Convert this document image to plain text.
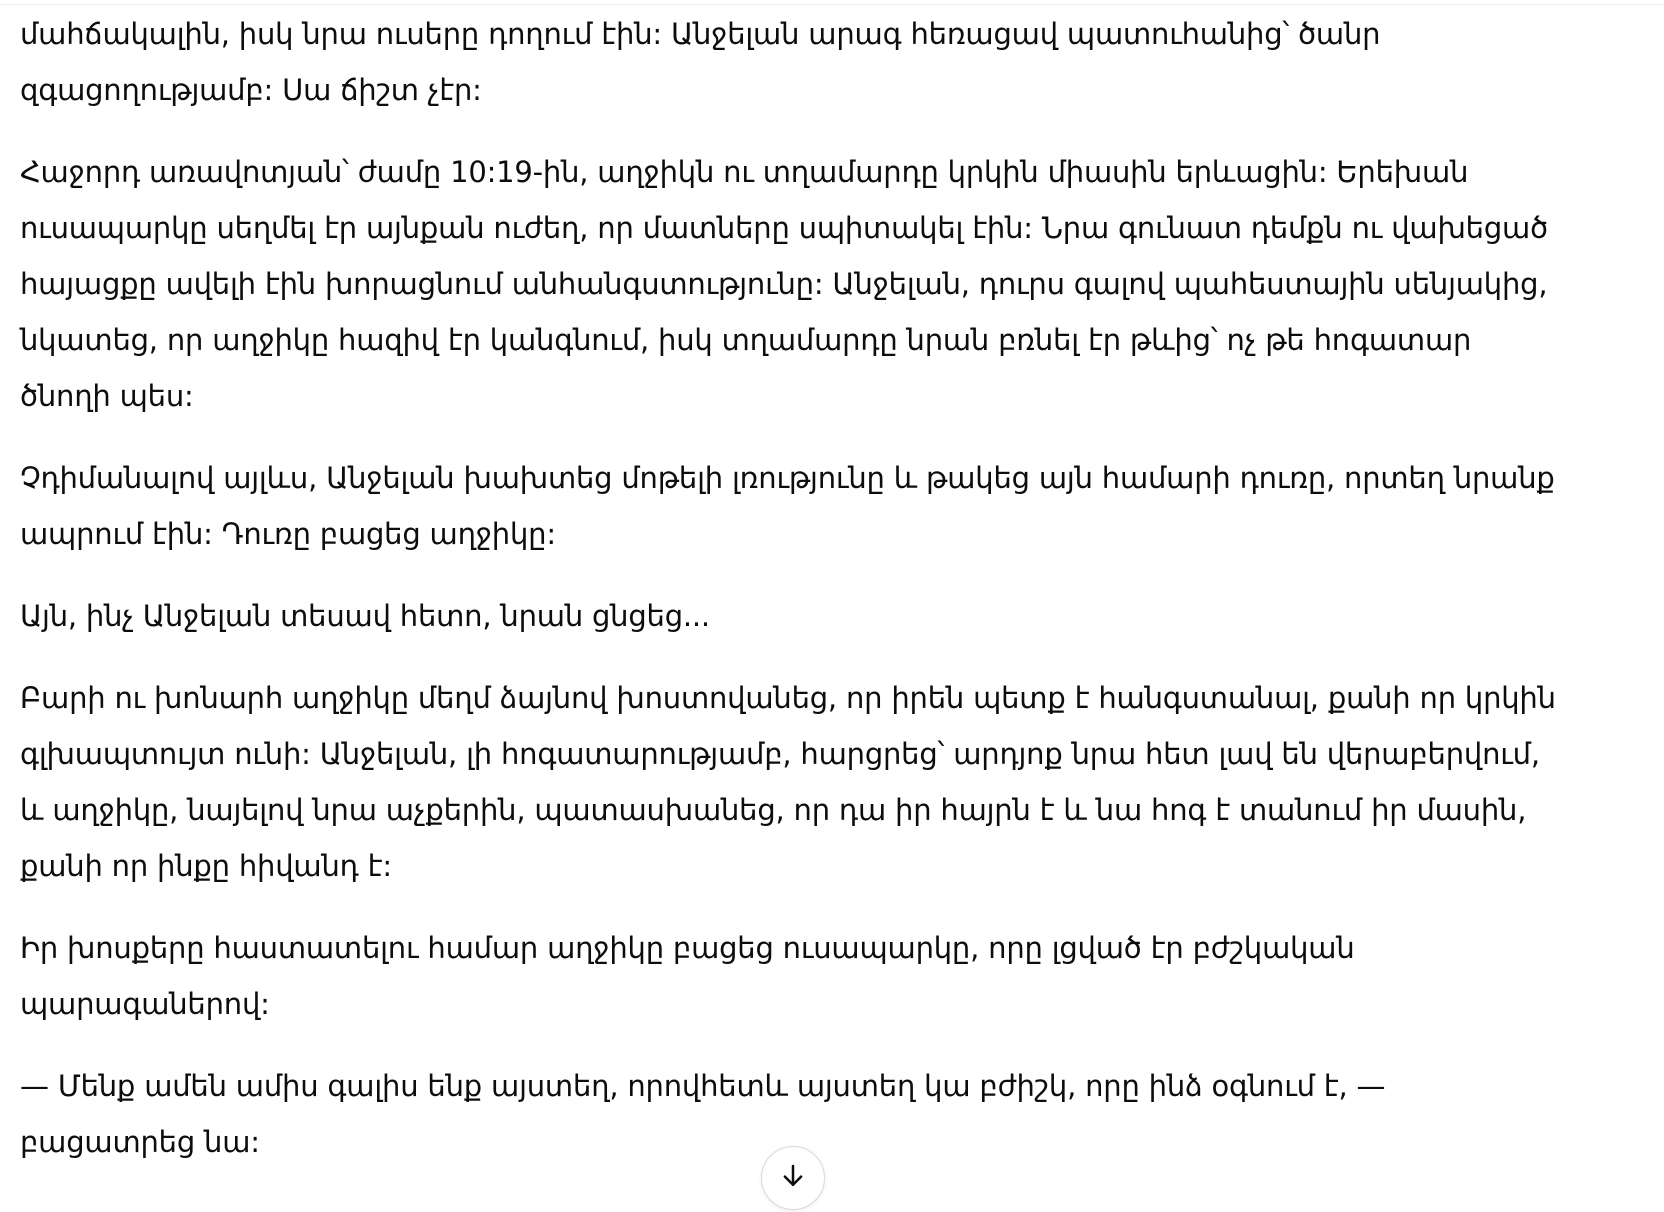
մահճակալին, իսկ նրա ուսերը դողում էին: Անջելան արագ հեռացավ պատուհանից՝ ծանր զգացողությամբ: Սա ճիշտ չէր:

Հաջորդ առավոտյան՝ ժամը 10:19-ին, աղջիկն ու տղամարդը կրկին միասին երևացին: Երեխան ուսապարկը սեղմել էր այնքան ուժեղ, որ մատները սպիտակել էին: Նրա գունատ դեմքն ու վախեցած հայացքը ավելի էին խորացնում անհանգստությունը: Անջելան, դուրս գալով պահեստային սենյակից, նկատեց, որ աղջիկը հազիվ էր կանգնում, իսկ տղամարդը նրան բռնել էր թևից՝ ոչ թե հոգատար ծնողի պես:

Չդիմանալով այլևս, Անջելան խախտեց մոթելի լռությունը և թակեց այն համարի դուռը, որտեղ նրանք ապրում էին: Դուռը բացեց աղջիկը:

Այն, ինչ Անջելան տեսավ հետո, նրան ցնցեց...

Բարի ու խոնարհ աղջիկը մեղմ ձայնով խոստովանեց, որ իրեն պետք է հանգստանալ, քանի որ կրկին գլխապտույտ ունի: Անջելան, լի հոգատարությամբ, հարցրեց՝ արդյոք նրա հետ լավ են վերաբերվում, և աղջիկը, նայելով նրա աչքերին, պատասխանեց, որ դա իր հայրն է և նա հոգ է տանում իր մասին, քանի որ ինքը հիվանդ է:

Իր խոսքերը հաստատելու համար աղջիկը բացեց ուսապարկը, որը լցված էր բժշկական պարագաներով:

— Մենք ամեն ամիս գալիս ենք այստեղ, որովհետև այստեղ կա բժիշկ, որը ինձ օգնում է, — բացատրեց նա:
